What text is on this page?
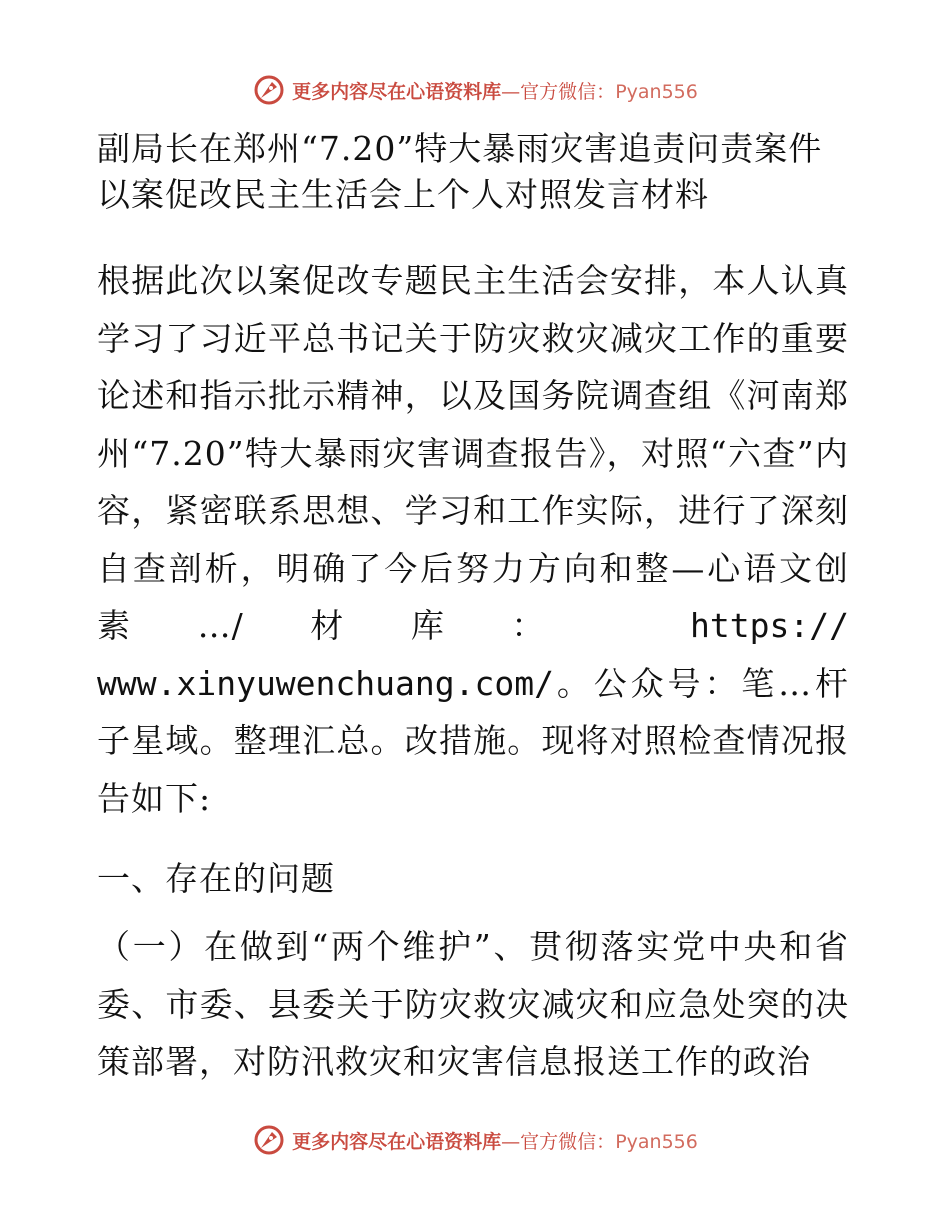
更多内容尽在心语资料库—官方微信：Pyan556
副局长在郑州“7.20”特大暴雨灾害追责问责案件以案促改民主生活会上个人对照发言材料

根据此次以案促改专题民主生活会安排，本人认真学习了习近平总书记关于防灾救灾减灾工作的重要论述和指示批示精神，以及国务院调查组《河南郑州“7.20”特大暴雨灾害调查报告》，对照“六查”内容，紧密联系思想、学习和工作实际，进行了深刻自查剖析，明确了今后努力方向和整—心语文创素…/材库： https:// www.xinyuwenchuang.com/。公众号：笔…杆子星域。整理汇总。改措施。现将对照检查情况报告如下:

一、存在的问题

（一）在做到“两个维护”、贯彻落实党中央和省委、市委、县委关于防灾救灾减灾和应急处突的决策部署，对防汛救灾和灾害信息报送工作的政治

更多内容尽在心语资料库—官方微信：Pyan556
